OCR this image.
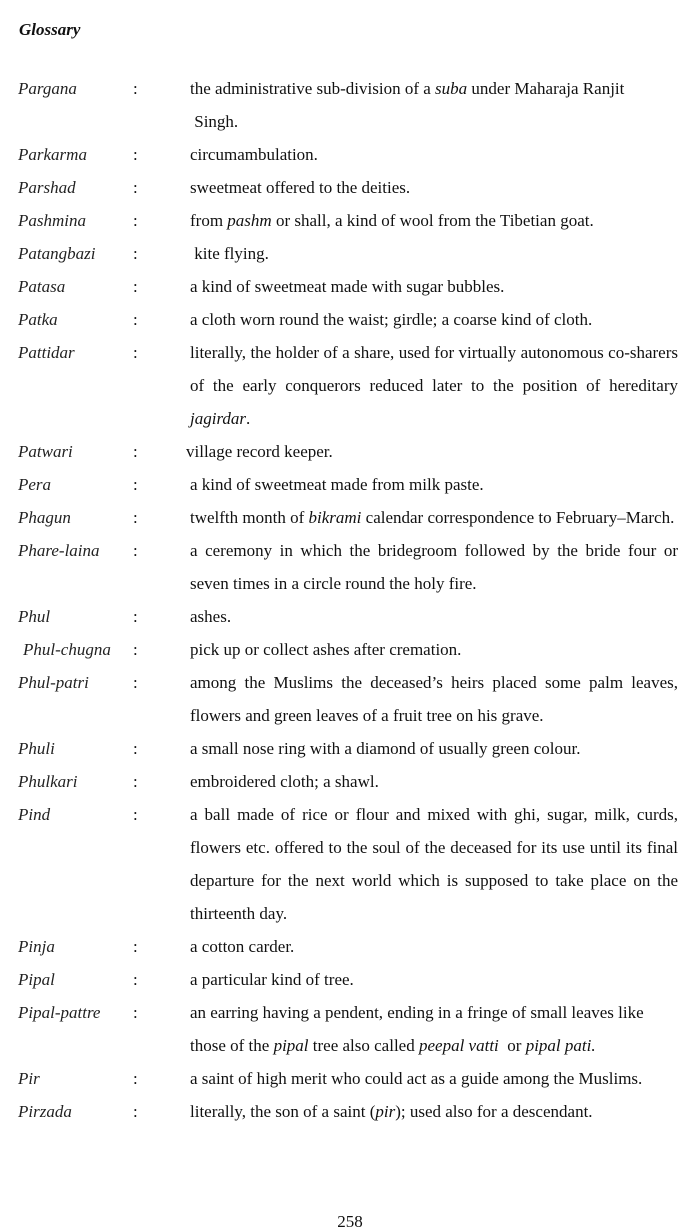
Glossary
Pargana	:	the administrative sub-division of a suba under Maharaja Ranjit
Singh.
Parkarma	:	circumambulation.
Parshad	:	sweetmeat offered to the deities.
Pashmina	:	from pashm or shall, a kind of wool from the Tibetian goat.
Patangbazi :	kite flying.
Patasa	:	a kind of sweetmeat made with sugar bubbles.
Patka	:	a cloth worn round the waist; girdle; a coarse kind of cloth.
Pattidar	:	literally, the holder of a share, used for virtually autonomous co-sharers of the early conquerors reduced later to the position of hereditary jagirdar.
Patwari	:	village record keeper.
Pera	:	a kind of sweetmeat made from milk paste.
Phagun	:	twelfth month of bikrami calendar correspondence to February–March.
Phare-laina :	a ceremony in which the bridegroom followed by the bride four or seven times in a circle round the holy fire.
Phul	:	ashes.
Phul-chugna :	pick up or collect ashes after cremation.
Phul-patri	:	among the Muslims the deceased’s heirs placed some palm leaves, flowers and green leaves of a fruit tree on his grave.
Phuli	:	a small nose ring with a diamond of usually green colour.
Phulkari	:	embroidered cloth; a shawl.
Pind	:	a ball made of rice or flour and mixed with ghi, sugar, milk, curds, flowers etc. offered to the soul of the deceased for its use until its final departure for the next world which is supposed to take place on the thirteenth day.
Pinja	:	a cotton carder.
Pipal	:	a particular kind of tree.
Pipal-pattre :	an earring having a pendent, ending in a fringe of small leaves like those of the pipal tree also called peepal vatti  or pipal pati.
Pir	:	a saint of high merit who could act as a guide among the Muslims.
Pirzada	:	literally, the son of a saint (pir); used also for a descendant.
258
